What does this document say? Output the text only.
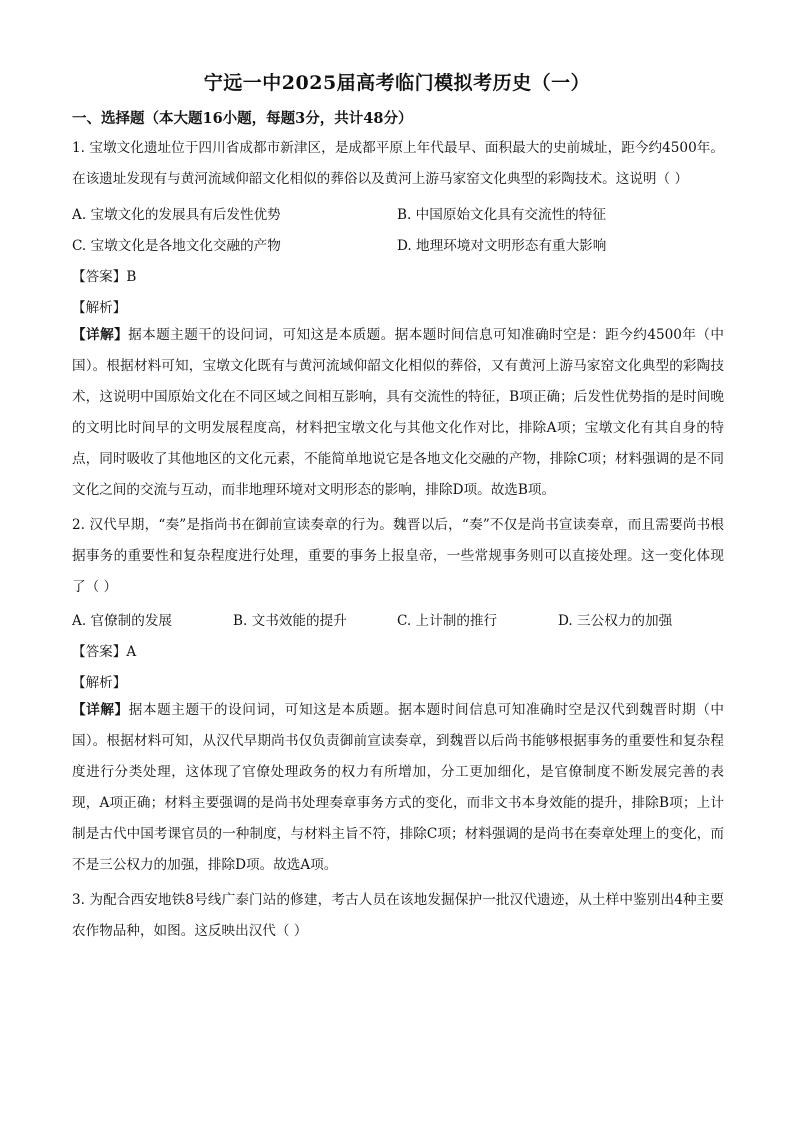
宁远一中2025届高考临门模拟考历史（一）
一、选择题（本大题16小题，每题3分，共计48分）
1. 宝墩文化遗址位于四川省成都市新津区，是成都平原上年代最早、面积最大的史前城址，距今约4500年。在该遗址发现有与黄河流域仰韶文化相似的葬俗以及黄河上游马家窑文化典型的彩陶技术。这说明（ ）
A. 宝墩文化的发展具有后发性优势	B. 中国原始文化具有交流性的特征
C. 宝墩文化是各地文化交融的产物	D. 地理环境对文明形态有重大影响
【答案】B
【解析】
【详解】据本题主题干的设问词，可知这是本质题。据本题时间信息可知准确时空是：距今约4500年（中国）。根据材料可知，宝墩文化既有与黄河流域仰韶文化相似的葬俗，又有黄河上游马家窑文化典型的彩陶技术，这说明中国原始文化在不同区域之间相互影响，具有交流性的特征，B项正确；后发性优势指的是时间晚的文明比时间早的文明发展程度高，材料把宝墩文化与其他文化作对比，排除A项；宝墩文化有其自身的特点，同时吸收了其他地区的文化元素，不能简单地说它是各地文化交融的产物，排除C项；材料强调的是不同文化之间的交流与互动，而非地理环境对文明形态的影响，排除D项。故选B项。
2. 汉代早期，“奏”是指尚书在御前宣读奏章的行为。魏晋以后，“奏”不仅是尚书宣读奏章，而且需要尚书根据事务的重要性和复杂程度进行处理，重要的事务上报皇帝，一些常规事务则可以直接处理。这一变化体现了（ ）
A. 官僚制的发展	B. 文书效能的提升	C. 上计制的推行	D. 三公权力的加强
【答案】A
【解析】
【详解】据本题主题干的设问词，可知这是本质题。据本题时间信息可知准确时空是汉代到魏晋时期（中国）。根据材料可知，从汉代早期尚书仅负责御前宣读奏章，到魏晋以后尚书能够根据事务的重要性和复杂程度进行分类处理，这体现了官僚处理政务的权力有所增加，分工更加细化，是官僚制度不断发展完善的表现，A项正确；材料主要强调的是尚书处理奏章事务方式的变化，而非文书本身效能的提升，排除B项；上计制是古代中国考课官员的一种制度，与材料主旨不符，排除C项；材料强调的是尚书在奏章处理上的变化，而不是三公权力的加强，排除D项。故选A项。
3. 为配合西安地铁8号线广泰门站的修建，考古人员在该地发掘保护一批汉代遗迹，从土样中鉴别出4种主要农作物品种，如图。这反映出汉代（ ）
